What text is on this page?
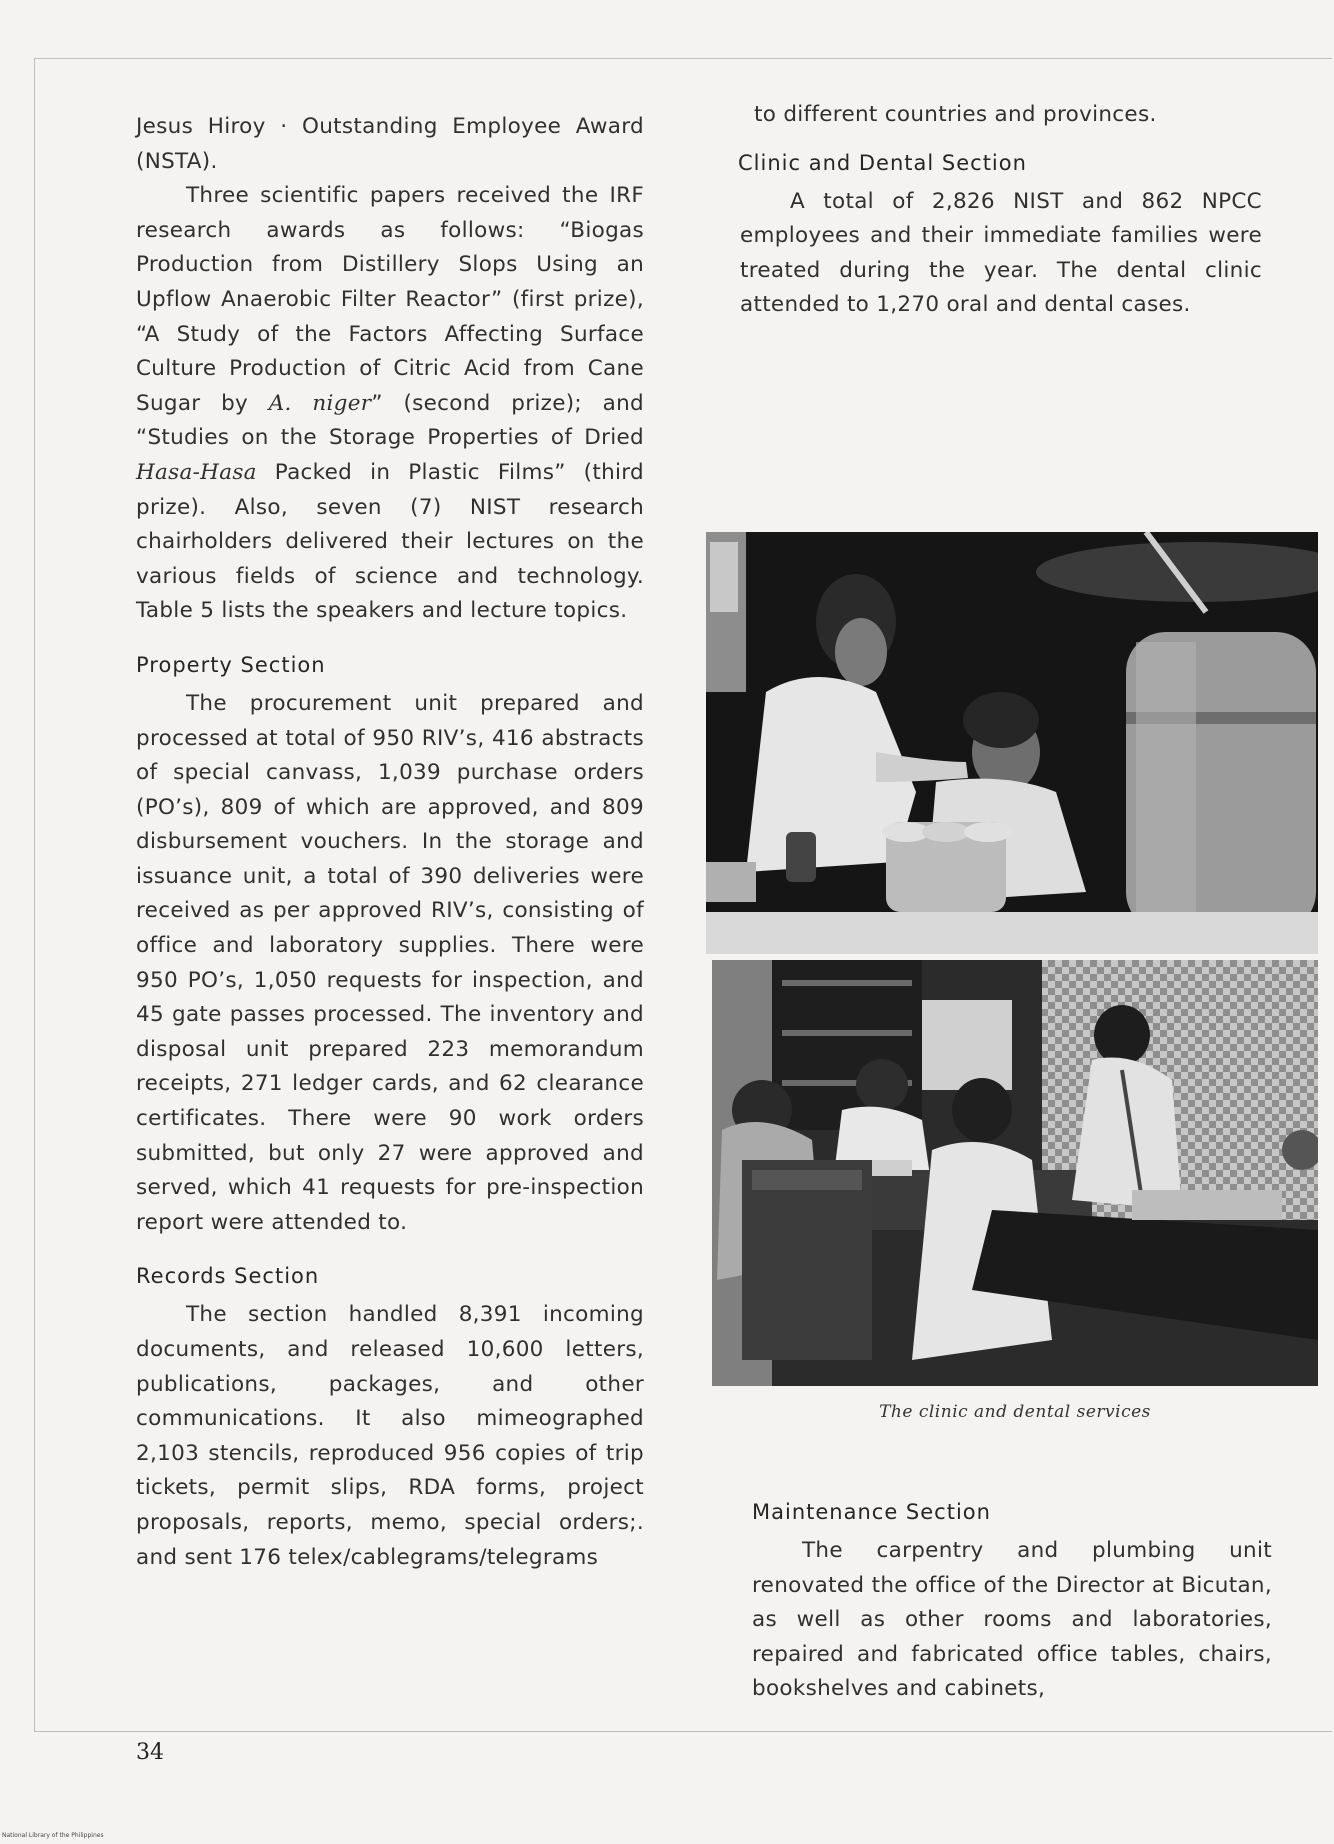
Jesus Hiroy · Outstanding Employee Award (NSTA).

Three scientific papers received the IRF research awards as follows: “Biogas Production from Distillery Slops Using an Upflow Anaerobic Filter Reactor” (first prize), “A Study of the Factors Affecting Surface Culture Production of Citric Acid from Cane Sugar by A. niger” (second prize); and “Studies on the Storage Properties of Dried Hasa-Hasa Packed in Plastic Films” (third prize). Also, seven (7) NIST research chairholders delivered their lectures on the various fields of science and technology. Table 5 lists the speakers and lecture topics.

Property Section

The procurement unit prepared and processed at total of 950 RIV’s, 416 abstracts of special canvass, 1,039 purchase orders (PO’s), 809 of which are approved, and 809 disbursement vouchers. In the storage and issuance unit, a total of 390 deliveries were received as per approved RIV’s, consisting of office and laboratory supplies. There were 950 PO’s, 1,050 requests for inspection, and 45 gate passes processed. The inventory and disposal unit prepared 223 memorandum receipts, 271 ledger cards, and 62 clearance certificates. There were 90 work orders submitted, but only 27 were approved and served, which 41 requests for pre-inspection report were attended to.

Records Section

The section handled 8,391 incoming documents, and released 10,600 letters, publications, packages, and other communications. It also mimeographed 2,103 stencils, reproduced 956 copies of trip tickets, permit slips, RDA forms, project proposals, reports, memo, special orders;. and sent 176 telex/cablegrams/telegrams

to different countries and provinces.

Clinic and Dental Section

A total of 2,826 NIST and 862 NPCC employees and their immediate families were treated during the year. The dental clinic attended to 1,270 oral and dental cases.

The clinic and dental services
Maintenance Section

The carpentry and plumbing unit renovated the office of the Director at Bicutan, as well as other rooms and laboratories, repaired and fabricated office tables, chairs, bookshelves and cabinets,

34
National Library of the Philippines
